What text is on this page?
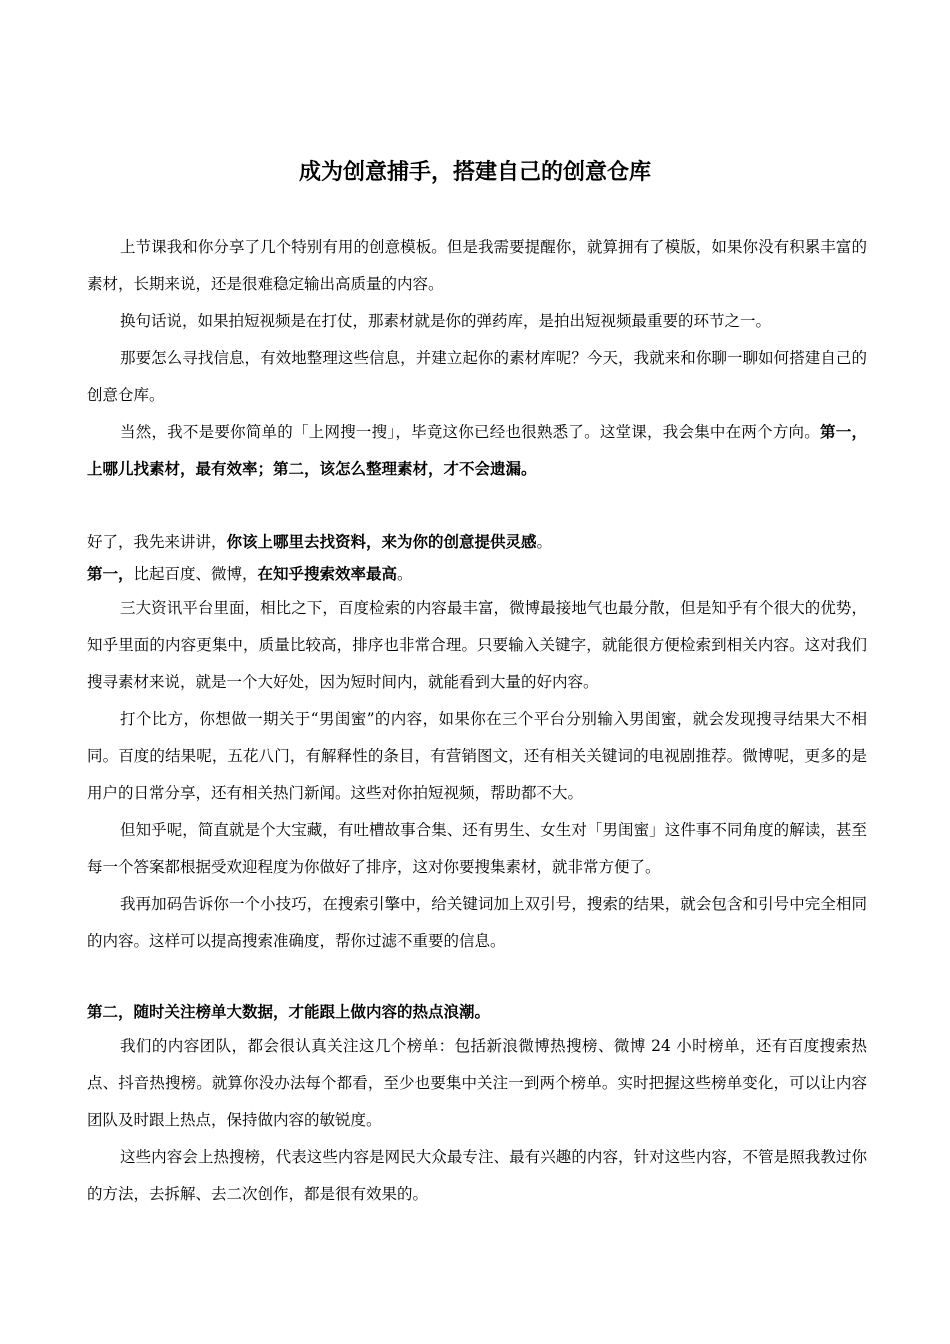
成为创意捕手，搭建自己的创意仓库

上节课我和你分享了几个特别有用的创意模板。但是我需要提醒你，就算拥有了模版，如果你没有积累丰富的素材，长期来说，还是很难稳定输出高质量的内容。

换句话说，如果拍短视频是在打仗，那素材就是你的弹药库，是拍出短视频最重要的环节之一。

那要怎么寻找信息，有效地整理这些信息，并建立起你的素材库呢？今天，我就来和你聊一聊如何搭建自己的创意仓库。

当然，我不是要你简单的「上网搜一搜」，毕竟这你已经也很熟悉了。这堂课，我会集中在两个方向。第一，上哪儿找素材，最有效率；第二，该怎么整理素材，才不会遗漏。

好了，我先来讲讲，你该上哪里去找资料，来为你的创意提供灵感。

第一，比起百度、微博，在知乎搜索效率最高。

三大资讯平台里面，相比之下，百度检索的内容最丰富，微博最接地气也最分散，但是知乎有个很大的优势，知乎里面的内容更集中，质量比较高，排序也非常合理。只要输入关键字，就能很方便检索到相关内容。这对我们搜寻素材来说，就是一个大好处，因为短时间内，就能看到大量的好内容。

打个比方，你想做一期关于“男闺蜜”的内容，如果你在三个平台分别输入男闺蜜，就会发现搜寻结果大不相同。百度的结果呢，五花八门，有解释性的条目，有营销图文，还有相关关键词的电视剧推荐。微博呢，更多的是用户的日常分享，还有相关热门新闻。这些对你拍短视频，帮助都不大。

但知乎呢，简直就是个大宝藏，有吐槽故事合集、还有男生、女生对「男闺蜜」这件事不同角度的解读，甚至每一个答案都根据受欢迎程度为你做好了排序，这对你要搜集素材，就非常方便了。

我再加码告诉你一个小技巧，在搜索引擎中，给关键词加上双引号，搜索的结果，就会包含和引号中完全相同的内容。这样可以提高搜索准确度，帮你过滤不重要的信息。

第二，随时关注榜单大数据，才能跟上做内容的热点浪潮。

我们的内容团队，都会很认真关注这几个榜单：包括新浪微博热搜榜、微博 24 小时榜单，还有百度搜索热点、抖音热搜榜。就算你没办法每个都看，至少也要集中关注一到两个榜单。实时把握这些榜单变化，可以让内容团队及时跟上热点，保持做内容的敏锐度。

这些内容会上热搜榜，代表这些内容是网民大众最专注、最有兴趣的内容，针对这些内容，不管是照我教过你的方法，去拆解、去二次创作，都是很有效果的。
